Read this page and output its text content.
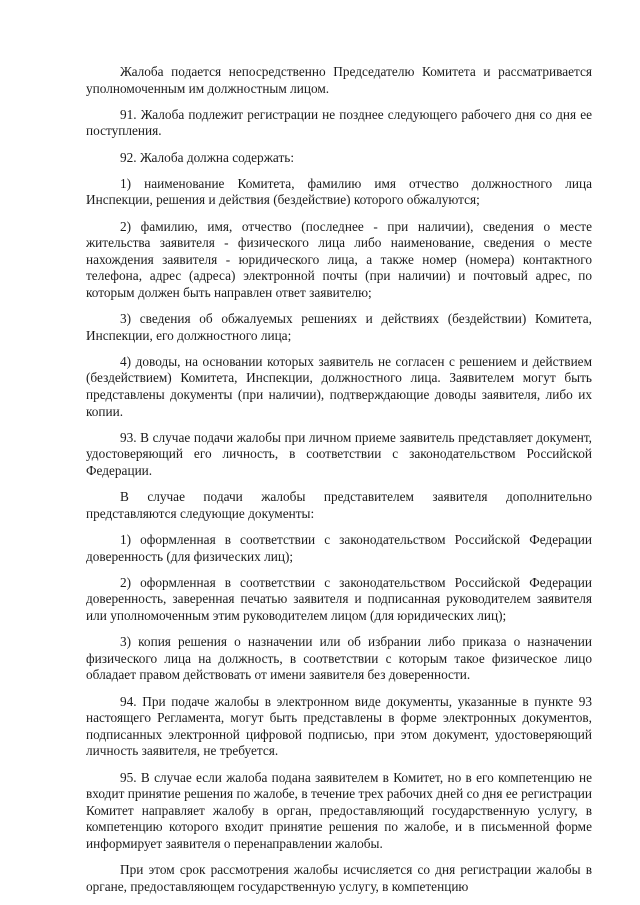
Жалоба подается непосредственно Председателю Комитета и рассматривается уполномоченным им должностным лицом.

91. Жалоба подлежит регистрации не позднее следующего рабочего дня со дня ее поступления.

92. Жалоба должна содержать:

1) наименование Комитета, фамилию имя отчество должностного лица Инспекции, решения и действия (бездействие) которого обжалуются;

2) фамилию, имя, отчество (последнее - при наличии), сведения о месте жительства заявителя - физического лица либо наименование, сведения о месте нахождения заявителя - юридического лица, а также номер (номера) контактного телефона, адрес (адреса) электронной почты (при наличии) и почтовый адрес, по которым должен быть направлен ответ заявителю;

3) сведения об обжалуемых решениях и действиях (бездействии) Комитета, Инспекции, его должностного лица;

4) доводы, на основании которых заявитель не согласен с решением и действием (бездействием) Комитета, Инспекции, должностного лица. Заявителем могут быть представлены документы (при наличии), подтверждающие доводы заявителя, либо их копии.

93. В случае подачи жалобы при личном приеме заявитель представляет документ, удостоверяющий его личность, в соответствии с законодательством Российской Федерации.

В случае подачи жалобы представителем заявителя дополнительно представляются следующие документы:

1) оформленная в соответствии с законодательством Российской Федерации доверенность (для физических лиц);

2) оформленная в соответствии с законодательством Российской Федерации доверенность, заверенная печатью заявителя и подписанная руководителем заявителя или уполномоченным этим руководителем лицом (для юридических лиц);

3) копия решения о назначении или об избрании либо приказа о назначении физического лица на должность, в соответствии с которым такое физическое лицо обладает правом действовать от имени заявителя без доверенности.

94. При подаче жалобы в электронном виде документы, указанные в пункте 93 настоящего Регламента, могут быть представлены в форме электронных документов, подписанных электронной цифровой подписью, при этом документ, удостоверяющий личность заявителя, не требуется.

95. В случае если жалоба подана заявителем в Комитет, но в его компетенцию не входит принятие решения по жалобе, в течение трех рабочих дней со дня ее регистрации Комитет направляет жалобу в орган, предоставляющий государственную услугу, в компетенцию которого входит принятие решения по жалобе, и в письменной форме информирует заявителя о перенаправлении жалобы.

При этом срок рассмотрения жалобы исчисляется со дня регистрации жалобы в органе, предоставляющем государственную услугу, в компетенцию
